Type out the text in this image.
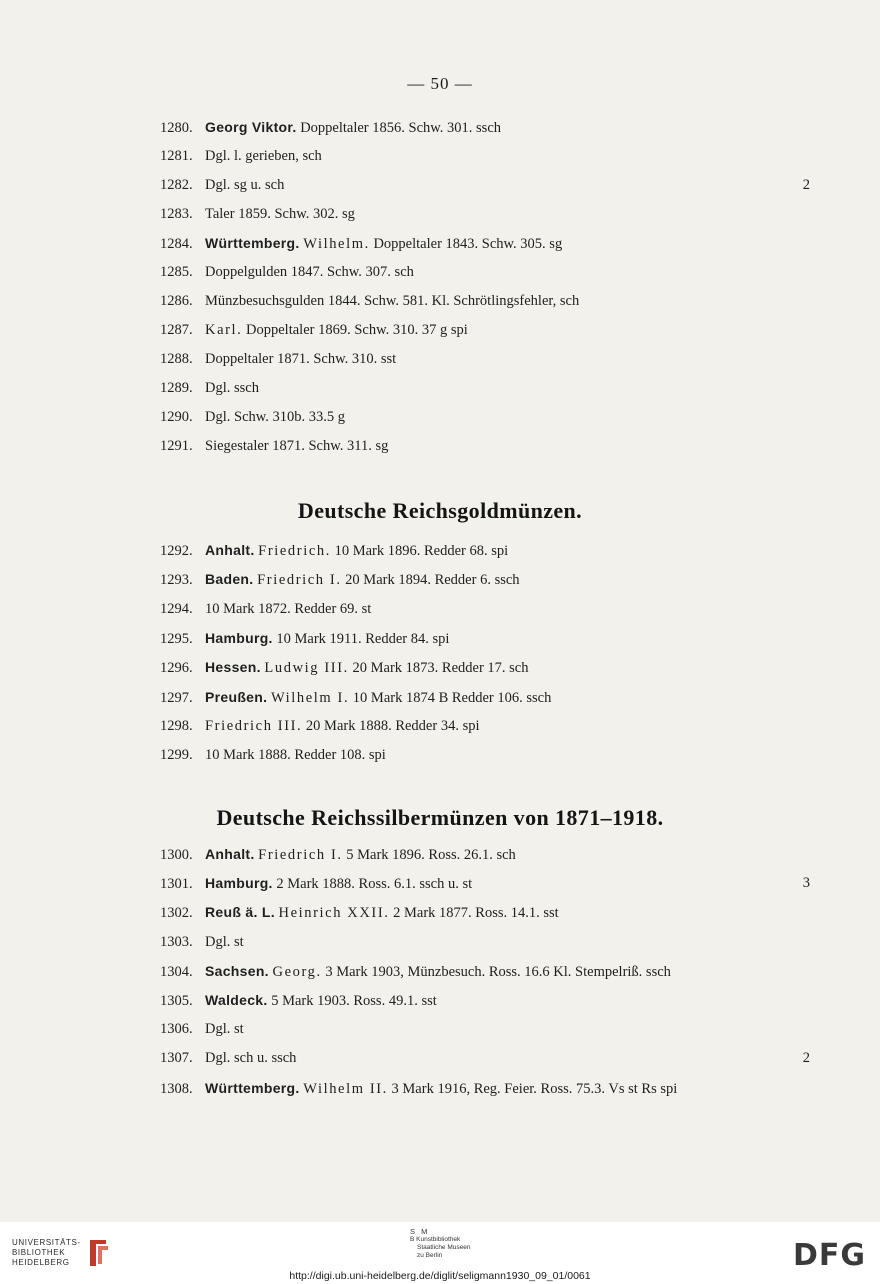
— 50 —
1280. Georg Viktor. Doppeltaler 1856. Schw. 301. ssch
1281. Dgl. l. gerieben, sch
1282. Dgl. sg u. sch	2
1283. Taler 1859. Schw. 302. sg
1284. Württemberg. Wilhelm. Doppeltaler 1843. Schw. 305. sg
1285. Doppelgulden 1847. Schw. 307. sch
1286. Münzbesuchsgulden 1844. Schw. 581. Kl. Schrötlingsfehler, sch
1287. Karl. Doppeltaler 1869. Schw. 310. 37 g spi
1288. Doppeltaler 1871. Schw. 310. sst
1289. Dgl. ssch
1290. Dgl. Schw. 310b. 33.5 g
1291. Siegestaler 1871. Schw. 311. sg
Deutsche Reichsgoldmünzen.
1292. Anhalt. Friedrich. 10 Mark 1896. Redder 68. spi
1293. Baden. Friedrich I. 20 Mark 1894. Redder 6. ssch
1294. 10 Mark 1872. Redder 69. st
1295. Hamburg. 10 Mark 1911. Redder 84. spi
1296. Hessen. Ludwig III. 20 Mark 1873. Redder 17. sch
1297. Preußen. Wilhelm I. 10 Mark 1874 B Redder 106. ssch
1298. Friedrich III. 20 Mark 1888. Redder 34. spi
1299. 10 Mark 1888. Redder 108. spi
Deutsche Reichssilbermünzen von 1871–1918.
1300. Anhalt. Friedrich I. 5 Mark 1896. Ross. 26.1. sch
1301. Hamburg. 2 Mark 1888. Ross. 6.1. ssch u. st	3
1302. Reuß ä. L. Heinrich XXII. 2 Mark 1877. Ross. 14.1. sst
1303. Dgl. st
1304. Sachsen. Georg. 3 Mark 1903, Münzbesuch. Ross. 16.6 Kl. Stempelriß. ssch
1305. Waldeck. 5 Mark 1903. Ross. 49.1. sst
1306. Dgl. st
1307. Dgl. sch u. ssch	2
1308. Württemberg. Wilhelm II. 3 Mark 1916, Reg. Feier. Ross. 75.3. Vs st Rs spi
UNIVERSITÄTS-
BIBLIOTHEK
HEIDELBERG
S M
B Kunstbibliothek
Staatliche Museen
zu Berlin	DFG
http://digi.ub.uni-heidelberg.de/diglit/seligmann1930_09_01/0061
